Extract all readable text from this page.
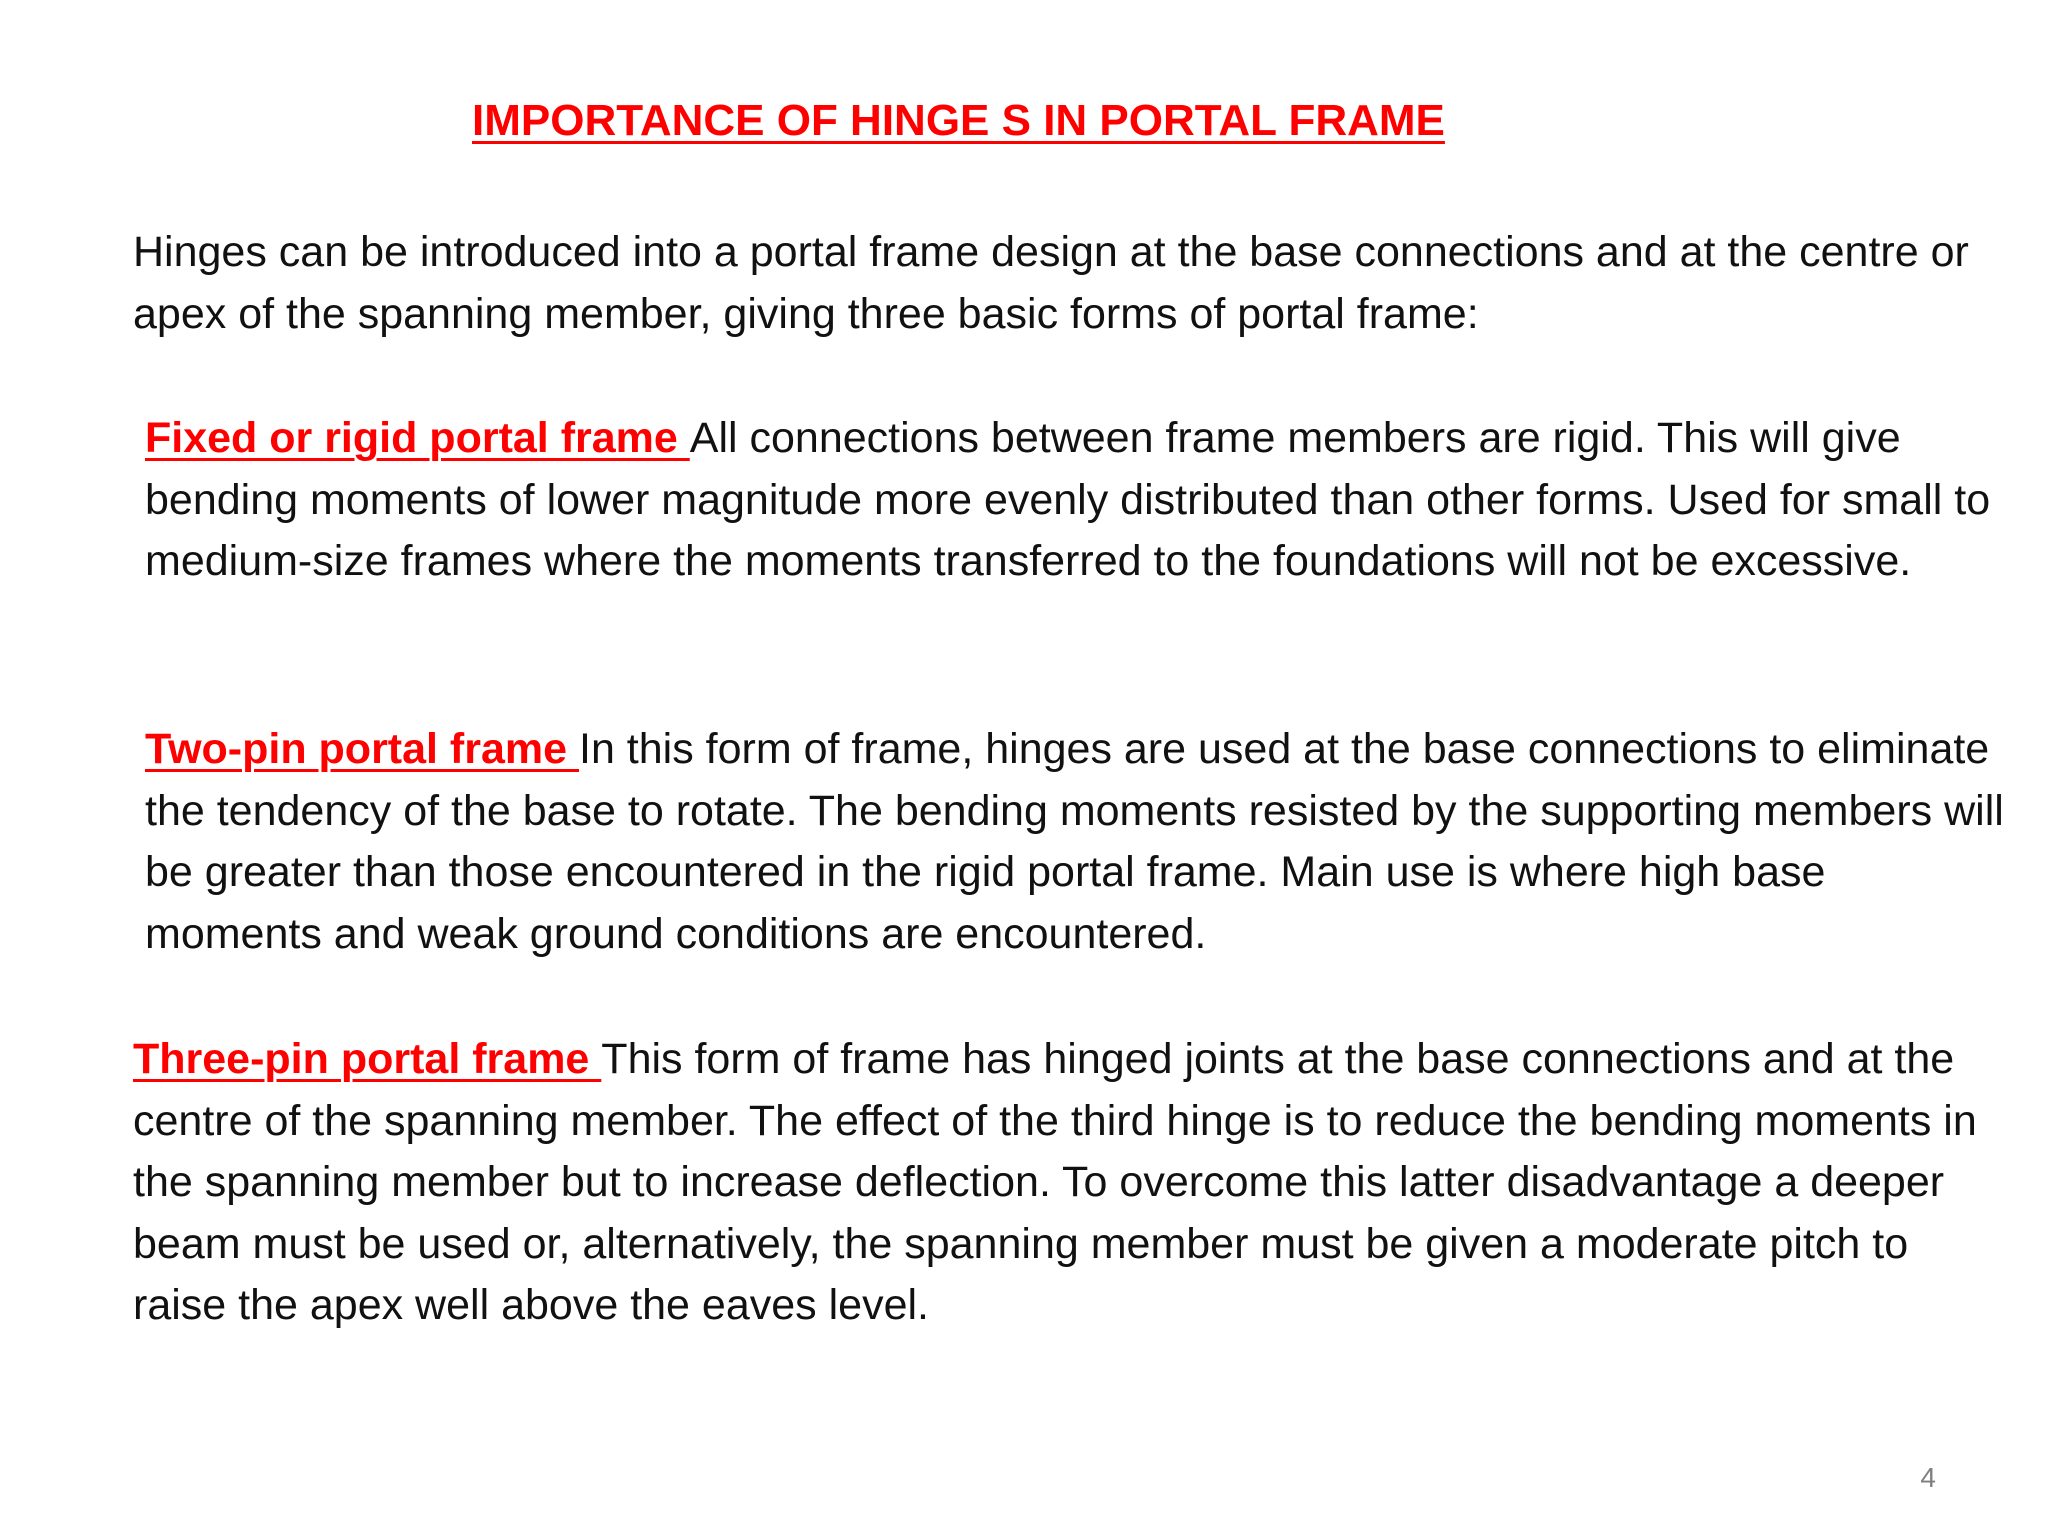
IMPORTANCE OF HINGE S IN PORTAL FRAME

Hinges can be introduced into a portal frame design at the base connections and at the centre or apex of the spanning member, giving three basic forms of portal frame:

Fixed or rigid portal frame All connections between frame members are rigid. This will give bending moments of lower magnitude more evenly distributed than other forms. Used for small to medium-size frames where the moments transferred to the foundations will not be excessive.

Two-pin portal frame In this form of frame, hinges are used at the base connections to eliminate the tendency of the base to rotate. The bending moments resisted by the supporting members will be greater than those encountered in the rigid portal frame. Main use is where high base moments and weak ground conditions are encountered.

Three-pin portal frame This form of frame has hinged joints at the base connections and at the centre of the spanning member. The effect of the third hinge is to reduce the bending moments in the spanning member but to increase deflection. To overcome this latter disadvantage a deeper beam must be used or, alternatively, the spanning member must be given a moderate pitch to raise the apex well above the eaves level.

4
